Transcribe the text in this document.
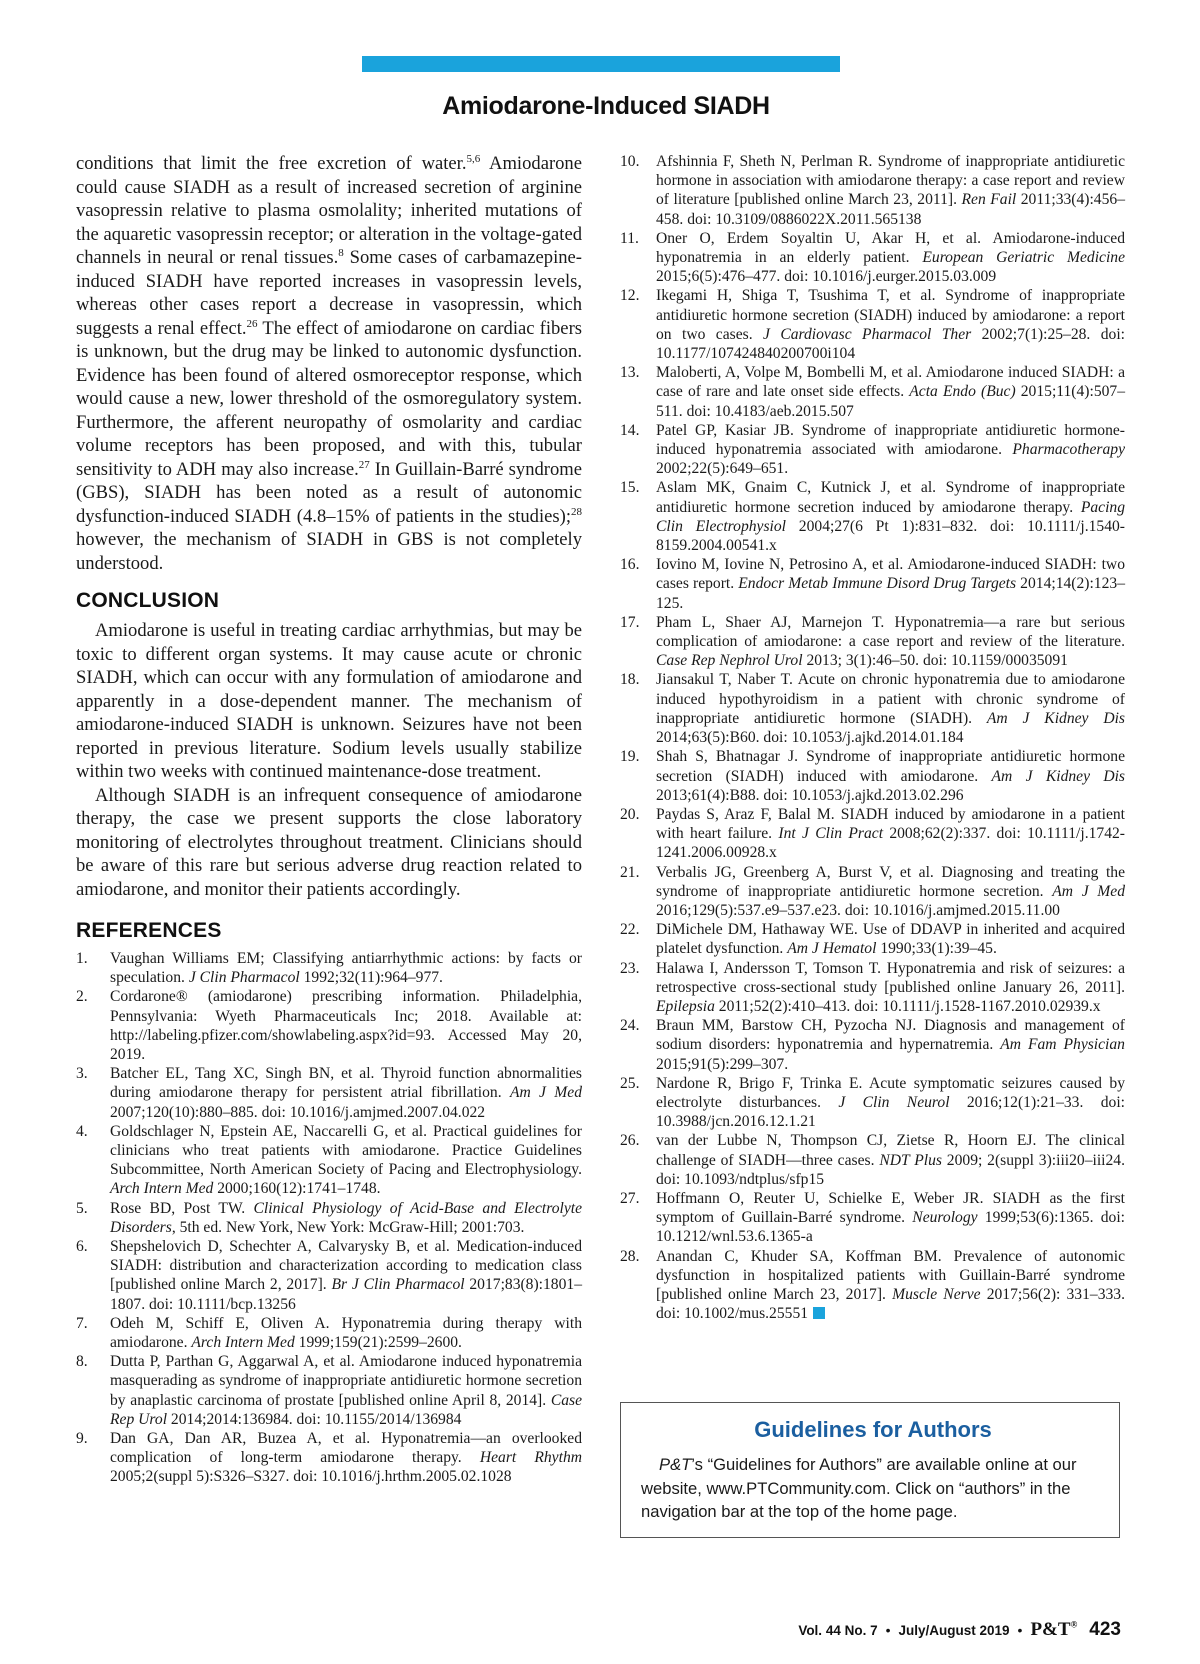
Amiodarone-Induced SIADH

conditions that limit the free excretion of water.$^{5,6}$ Amiodarone could cause SIADH as a result of increased secretion of arginine vasopressin relative to plasma osmolality; inherited mutations of the aquaretic vasopressin receptor; or alteration in the voltage-gated channels in neural or renal tissues.$^8$ Some cases of carbamazepine-induced SIADH have reported increases in vasopressin levels, whereas other cases report a decrease in vasopressin, which suggests a renal effect.$^{26}$ The effect of amiodarone on cardiac fibers is unknown, but the drug may be linked to autonomic dysfunction. Evidence has been found of altered osmoreceptor response, which would cause a new, lower threshold of the osmoregulatory system. Furthermore, the afferent neuropathy of osmolarity and cardiac volume receptors has been proposed, and with this, tubular sensitivity to ADH may also increase.$^{27}$ In Guillain-Barré syndrome (GBS), SIADH has been noted as a result of autonomic dysfunction-induced SIADH (4.8–15% of patients in the studies);$^{28}$ however, the mechanism of SIADH in GBS is not completely understood.

CONCLUSION

Amiodarone is useful in treating cardiac arrhythmias, but may be toxic to different organ systems. It may cause acute or chronic SIADH, which can occur with any formulation of amiodarone and apparently in a dose-dependent manner. The mechanism of amiodarone-induced SIADH is unknown. Seizures have not been reported in previous literature. Sodium levels usually stabilize within two weeks with continued maintenance-dose treatment.

Although SIADH is an infrequent consequence of amiodarone therapy, the case we present supports the close laboratory monitoring of electrolytes throughout treatment. Clinicians should be aware of this rare but serious adverse drug reaction related to amiodarone, and monitor their patients accordingly.

REFERENCES
1.	Vaughan Williams EM; Classifying antiarrhythmic actions: by facts or speculation. J Clin Pharmacol 1992;32(11):964–977.
2.	Cordarone® (amiodarone) prescribing information. Philadelphia, Pennsylvania: Wyeth Pharmaceuticals Inc; 2018. Available at: http://labeling.pfizer.com/showlabeling.aspx?id=93. Accessed May 20, 2019.
3.	Batcher EL, Tang XC, Singh BN, et al. Thyroid function abnormalities during amiodarone therapy for persistent atrial fibrillation. Am J Med 2007;120(10):880–885. doi: 10.1016/j.amjmed.2007.04.022
4.	Goldschlager N, Epstein AE, Naccarelli G, et al. Practical guidelines for clinicians who treat patients with amiodarone. Practice Guidelines Subcommittee, North American Society of Pacing and Electrophysiology. Arch Intern Med 2000;160(12):1741–1748.
5.	Rose BD, Post TW. Clinical Physiology of Acid-Base and Electrolyte Disorders, 5th ed. New York, New York: McGraw-Hill; 2001:703.
6.	Shepshelovich D, Schechter A, Calvarysky B, et al. Medication-induced SIADH: distribution and characterization according to medication class [published online March 2, 2017]. Br J Clin Pharmacol 2017;83(8):1801–1807. doi: 10.1111/bcp.13256
7.	Odeh M, Schiff E, Oliven A. Hyponatremia during therapy with amiodarone. Arch Intern Med 1999;159(21):2599–2600.
8.	Dutta P, Parthan G, Aggarwal A, et al. Amiodarone induced hyponatremia masquerading as syndrome of inappropriate antidiuretic hormone secretion by anaplastic carcinoma of prostate [published online April 8, 2014]. Case Rep Urol 2014;2014:136984. doi: 10.1155/2014/136984
9.	Dan GA, Dan AR, Buzea A, et al. Hyponatremia—an overlooked complication of long-term amiodarone therapy. Heart Rhythm 2005;2(suppl 5):S326–S327. doi: 10.1016/j.hrthm.2005.02.1028
10.	Afshinnia F, Sheth N, Perlman R. Syndrome of inappropriate antidiuretic hormone in association with amiodarone therapy: a case report and review of literature [published online March 23, 2011]. Ren Fail 2011;33(4):456–458. doi: 10.3109/0886022X.2011.565138
11.	Oner O, Erdem Soyaltin U, Akar H, et al. Amiodarone-induced hyponatremia in an elderly patient. European Geriatric Medicine 2015;6(5):476–477. doi: 10.1016/j.eurger.2015.03.009
12.	Ikegami H, Shiga T, Tsushima T, et al. Syndrome of inappropriate antidiuretic hormone secretion (SIADH) induced by amiodarone: a report on two cases. J Cardiovasc Pharmacol Ther 2002;7(1):25–28. doi: 10.1177/107424840200700i104
13.	Maloberti, A, Volpe M, Bombelli M, et al. Amiodarone induced SIADH: a case of rare and late onset side effects. Acta Endo (Buc) 2015;11(4):507–511. doi: 10.4183/aeb.2015.507
14.	Patel GP, Kasiar JB. Syndrome of inappropriate antidiuretic hormone-induced hyponatremia associated with amiodarone. Pharmacotherapy 2002;22(5):649–651.
15.	Aslam MK, Gnaim C, Kutnick J, et al. Syndrome of inappropriate antidiuretic hormone secretion induced by amiodarone therapy. Pacing Clin Electrophysiol 2004;27(6 Pt 1):831–832. doi: 10.1111/j.1540-8159.2004.00541.x
16.	Iovino M, Iovine N, Petrosino A, et al. Amiodarone-induced SIADH: two cases report. Endocr Metab Immune Disord Drug Targets 2014;14(2):123–125.
17.	Pham L, Shaer AJ, Marnejon T. Hyponatremia—a rare but serious complication of amiodarone: a case report and review of the literature. Case Rep Nephrol Urol 2013; 3(1):46–50. doi: 10.1159/00035091
18.	Jiansakul T, Naber T. Acute on chronic hyponatremia due to amiodarone induced hypothyroidism in a patient with chronic syndrome of inappropriate antidiuretic hormone (SIADH). Am J Kidney Dis 2014;63(5):B60. doi: 10.1053/j.ajkd.2014.01.184
19.	Shah S, Bhatnagar J. Syndrome of inappropriate antidiuretic hormone secretion (SIADH) induced with amiodarone. Am J Kidney Dis 2013;61(4):B88. doi: 10.1053/j.ajkd.2013.02.296
20.	Paydas S, Araz F, Balal M. SIADH induced by amiodarone in a patient with heart failure. Int J Clin Pract 2008;62(2):337. doi: 10.1111/j.1742-1241.2006.00928.x
21.	Verbalis JG, Greenberg A, Burst V, et al. Diagnosing and treating the syndrome of inappropriate antidiuretic hormone secretion. Am J Med 2016;129(5):537.e9–537.e23. doi: 10.1016/j.amjmed.2015.11.00
22.	DiMichele DM, Hathaway WE. Use of DDAVP in inherited and acquired platelet dysfunction. Am J Hematol 1990;33(1):39–45.
23.	Halawa I, Andersson T, Tomson T. Hyponatremia and risk of seizures: a retrospective cross-sectional study [published online January 26, 2011]. Epilepsia 2011;52(2):410–413. doi: 10.1111/j.1528-1167.2010.02939.x
24.	Braun MM, Barstow CH, Pyzocha NJ. Diagnosis and management of sodium disorders: hyponatremia and hypernatremia. Am Fam Physician 2015;91(5):299–307.
25.	Nardone R, Brigo F, Trinka E. Acute symptomatic seizures caused by electrolyte disturbances. J Clin Neurol 2016;12(1):21–33. doi: 10.3988/jcn.2016.12.1.21
26.	van der Lubbe N, Thompson CJ, Zietse R, Hoorn EJ. The clinical challenge of SIADH—three cases. NDT Plus 2009; 2(suppl 3):iii20–iii24. doi: 10.1093/ndtplus/sfp15
27.	Hoffmann O, Reuter U, Schielke E, Weber JR. SIADH as the first symptom of Guillain-Barré syndrome. Neurology 1999;53(6):1365. doi: 10.1212/wnl.53.6.1365-a
28.	Anandan C, Khuder SA, Koffman BM. Prevalence of autonomic dysfunction in hospitalized patients with Guillain-Barré syndrome [published online March 23, 2017]. Muscle Nerve 2017;56(2): 331–333. doi: 10.1002/mus.25551
Guidelines for Authors

P&T’s “Guidelines for Authors” are available online at our website, www.PTCommunity.com. Click on “authors” in the navigation bar at the top of the home page.

Vol. 44 No. 7 • July/August 2019 • P&T® 423
